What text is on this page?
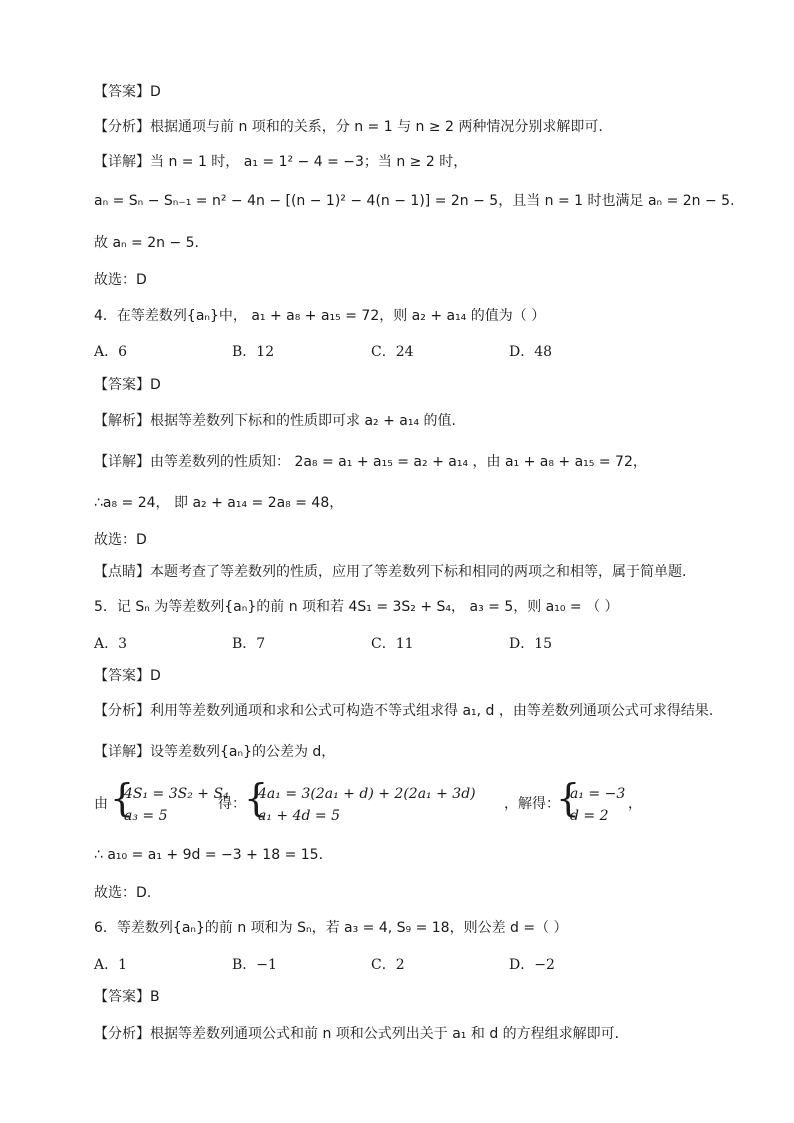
【答案】D
【分析】根据通项与前 n 项和的关系，分 n = 1 与 n ≥ 2 两种情况分别求解即可.
【详解】当 n = 1 时， a₁ = 1² − 4 = −3；当 n ≥ 2 时，
aₙ = Sₙ − Sₙ₋₁ = n² − 4n − [(n − 1)² − 4(n − 1)] = 2n − 5，且当 n = 1 时也满足 aₙ = 2n − 5.
故 aₙ = 2n − 5.
故选：D
4．在等差数列{aₙ}中， a₁ + a₈ + a₁₅ = 72，则 a₂ + a₁₄ 的值为（ ）
A．6	B．12	C．24	D．48
【答案】D
【解析】根据等差数列下标和的性质即可求 a₂ + a₁₄ 的值.
【详解】由等差数列的性质知： 2a₈ = a₁ + a₁₅ = a₂ + a₁₄ ，由 a₁ + a₈ + a₁₅ = 72，
∴a₈ = 24， 即 a₂ + a₁₄ = 2a₈ = 48，
故选：D
【点睛】本题考查了等差数列的性质，应用了等差数列下标和相同的两项之和相等，属于简单题.
5．记 Sₙ 为等差数列{aₙ}的前 n 项和若 4S₁ = 3S₂ + S₄， a₃ = 5，则 a₁₀ = （ ）
A．3	B．7	C．11	D．15
【答案】D
【分析】利用等差数列通项和求和公式可构造不等式组求得 a₁, d ，由等差数列通项公式可求得结果.
【详解】设等差数列{aₙ}的公差为 d，
由 {
4S₁ = 3S₂ + S₄
a₃ = 5
得：
{
4a₁ = 3(2a₁ + d) + 2(2a₁ + 3d)
a₁ + 4d = 5
，解得：
{
a₁ = −3
d = 2
，
∴ a₁₀ = a₁ + 9d = −3 + 18 = 15.
故选：D.
6．等差数列{aₙ}的前 n 项和为 Sₙ，若 a₃ = 4, S₉ = 18，则公差 d =（ ）
A．1	B．−1	C．2	D．−2
【答案】B
【分析】根据等差数列通项公式和前 n 项和公式列出关于 a₁ 和 d 的方程组求解即可．
